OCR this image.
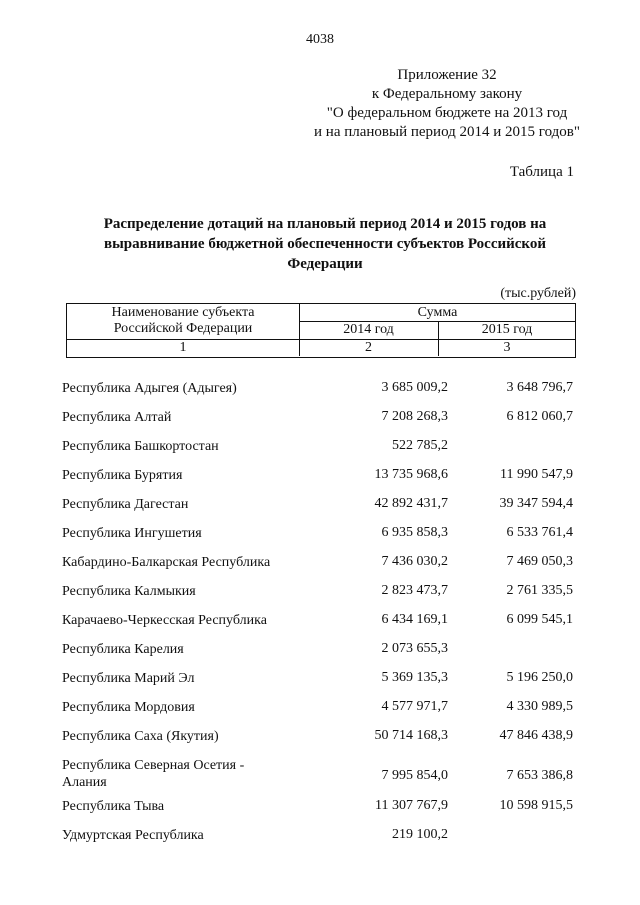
4038
Приложение 32
к Федеральному закону
"О федеральном бюджете на 2013 год
и на плановый период 2014 и 2015 годов"
Таблица 1
Распределение дотаций на плановый период 2014 и 2015 годов на
выравнивание бюджетной обеспеченности субъектов Российской
Федерации
(тыс.рублей)
Наименование субъекта
Российской Федерации
Сумма
2014 год	2015 год
1	2	3
Республика Адыгея (Адыгея)	3 685 009,2	3 648 796,7
Республика Алтай	7 208 268,3	6 812 060,7
Республика Башкортостан	522 785,2
Республика Бурятия	13 735 968,6	11 990 547,9
Республика Дагестан	42 892 431,7	39 347 594,4
Республика Ингушетия	6 935 858,3	6 533 761,4
Кабардино-Балкарская Республика	7 436 030,2	7 469 050,3
Республика Калмыкия	2 823 473,7	2 761 335,5
Карачаево-Черкесская Республика	6 434 169,1	6 099 545,1
Республика Карелия	2 073 655,3
Республика Марий Эл	5 369 135,3	5 196 250,0
Республика Мордовия	4 577 971,7	4 330 989,5
Республика Саха (Якутия)	50 714 168,3	47 846 438,9
Республика Северная Осетия - Алания	7 995 854,0	7 653 386,8
Республика Тыва	11 307 767,9	10 598 915,5
Удмуртская Республика	219 100,2
